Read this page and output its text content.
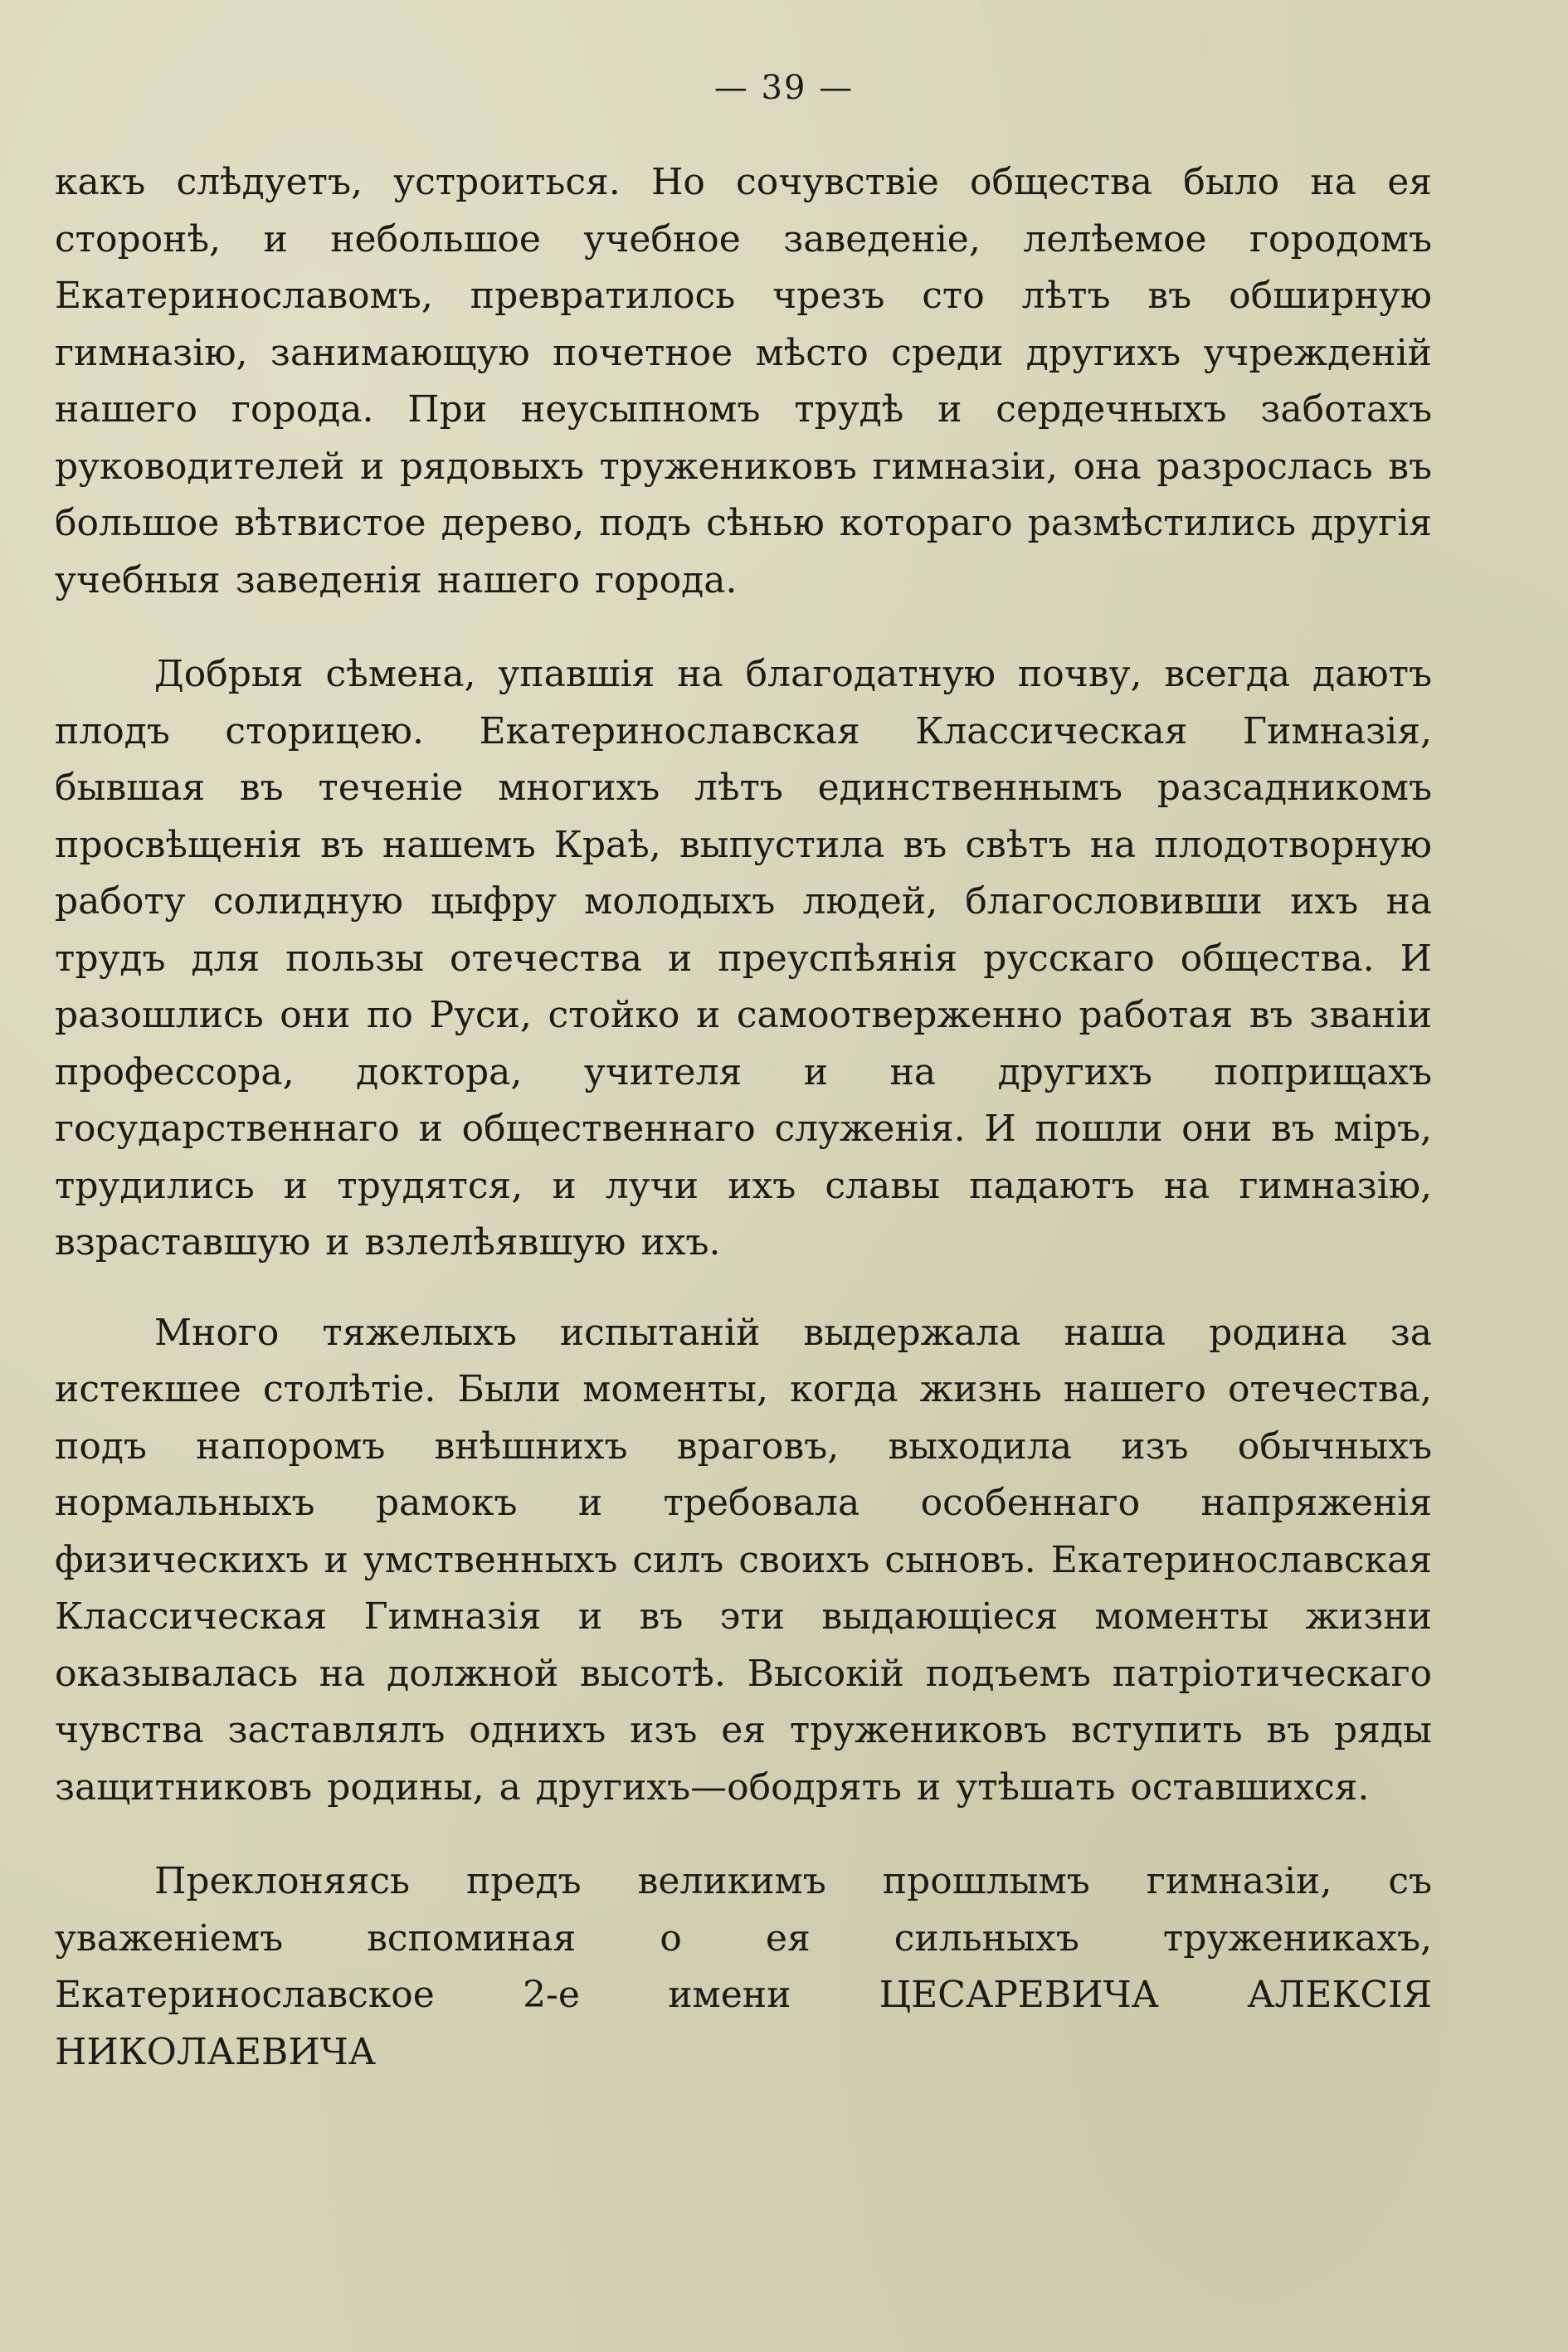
— 39 —

какъ слѣдуетъ, устроиться. Но сочувствіе общества было на ея сторонѣ, и небольшое учебное заведеніе, лелѣемое городомъ Екатеринославомъ, превратилось чрезъ сто лѣтъ въ обширную гимназію, занимающую почетное мѣсто среди другихъ учрежденій нашего города. При неусыпномъ трудѣ и сердечныхъ заботахъ руководителей и рядовыхъ тружениковъ гимназіи, она разрослась въ большое вѣтвистое дерево, подъ сѣнью котораго размѣстились другія учебныя заведенія нашего города.

Добрыя сѣмена, упавшія на благодатную почву, всегда даютъ плодъ сторицею. Екатеринославская Классическая Гимназія, бывшая въ теченіе многихъ лѣтъ единственнымъ разсадникомъ просвѣщенія въ нашемъ Краѣ, выпустила въ свѣтъ на плодотворную работу солидную цыфру молодыхъ людей, благословивши ихъ на трудъ для пользы отечества и преуспѣянія русскаго общества. И разошлись они по Руси, стойко и самоотверженно работая въ званіи профессора, доктора, учителя и на другихъ поприщахъ государственнаго и общественнаго служенія. И пошли они въ міръ, трудились и трудятся, и лучи ихъ славы падаютъ на гимназію, взраставшую и взлелѣявшую ихъ.

Много тяжелыхъ испытаній выдержала наша родина за истекшее столѣтіе. Были моменты, когда жизнь нашего отечества, подъ напоромъ внѣшнихъ враговъ, выходила изъ обычныхъ нормальныхъ рамокъ и требовала особеннаго напряженія физическихъ и умственныхъ силъ своихъ сыновъ. Екатеринославская Классическая Гимназія и въ эти выдающіеся моменты жизни оказывалась на должной высотѣ. Высокій подъемъ патріотическаго чувства заставлялъ однихъ изъ ея тружениковъ вступить въ ряды защитниковъ родины, а другихъ—ободрять и утѣшать оставшихся.

Преклоняясь предъ великимъ прошлымъ гимназіи, съ уваженіемъ вспоминая о ея сильныхъ труженикахъ, Екатеринославское 2-е имени ЦЕСАРЕВИЧА АЛЕКСІЯ НИКОЛАЕВИЧА
